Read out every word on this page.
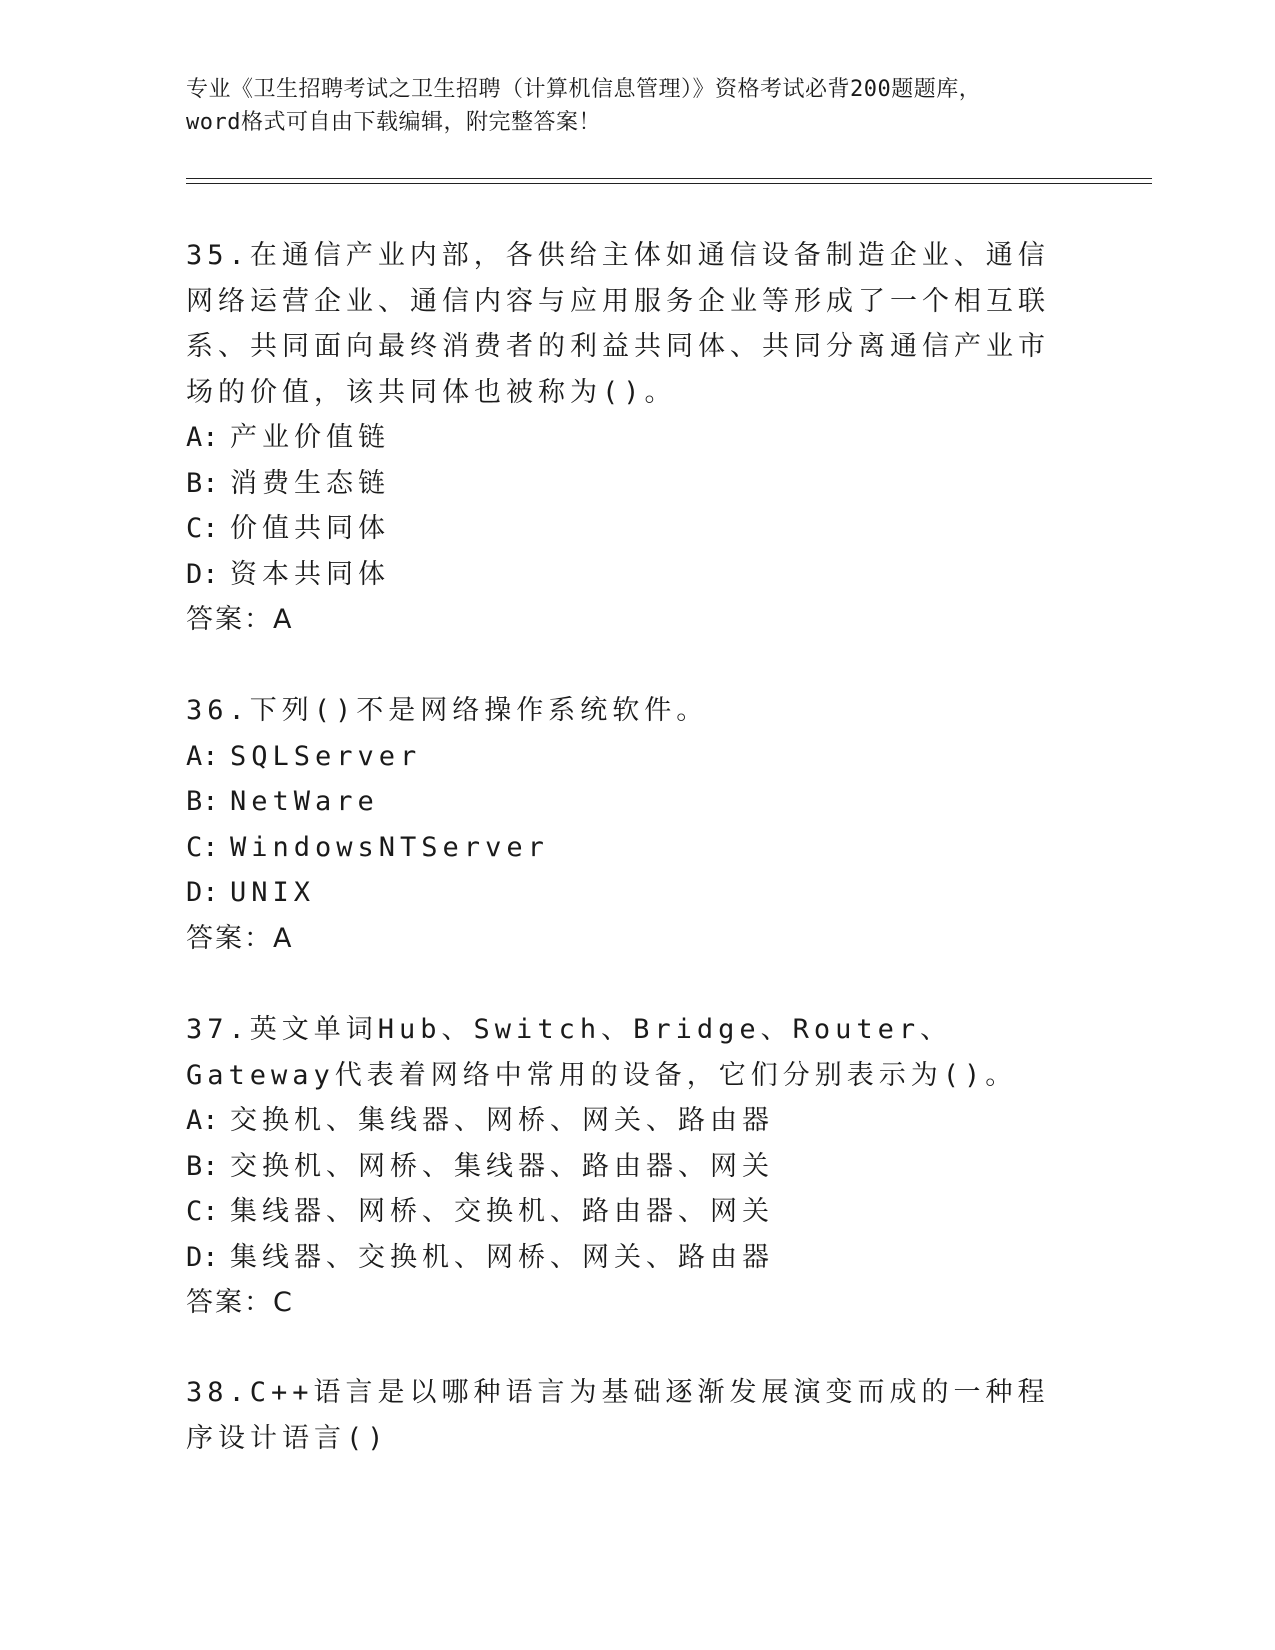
专业《卫生招聘考试之卫生招聘（计算机信息管理）》资格考试必背200题题库，
word格式可自由下载编辑，附完整答案！

35.在通信产业内部，各供给主体如通信设备制造企业、通信网络运营企业、通信内容与应用服务企业等形成了一个相互联系、共同面向最终消费者的利益共同体、共同分离通信产业市场的价值，该共同体也被称为()。

A: 产业价值链
B: 消费生态链
C: 价值共同体
D: 资本共同体
答案：A

36.下列()不是网络操作系统软件。

A: SQLServer
B: NetWare
C: WindowsNTServer
D: UNIX
答案：A

37.英文单词Hub、Switch、Bridge、Router、Gateway代表着网络中常用的设备，它们分别表示为()。

A: 交换机、集线器、网桥、网关、路由器
B: 交换机、网桥、集线器、路由器、网关
C: 集线器、网桥、交换机、路由器、网关
D: 集线器、交换机、网桥、网关、路由器
答案：C

38.C++语言是以哪种语言为基础逐渐发展演变而成的一种程序设计语言()
